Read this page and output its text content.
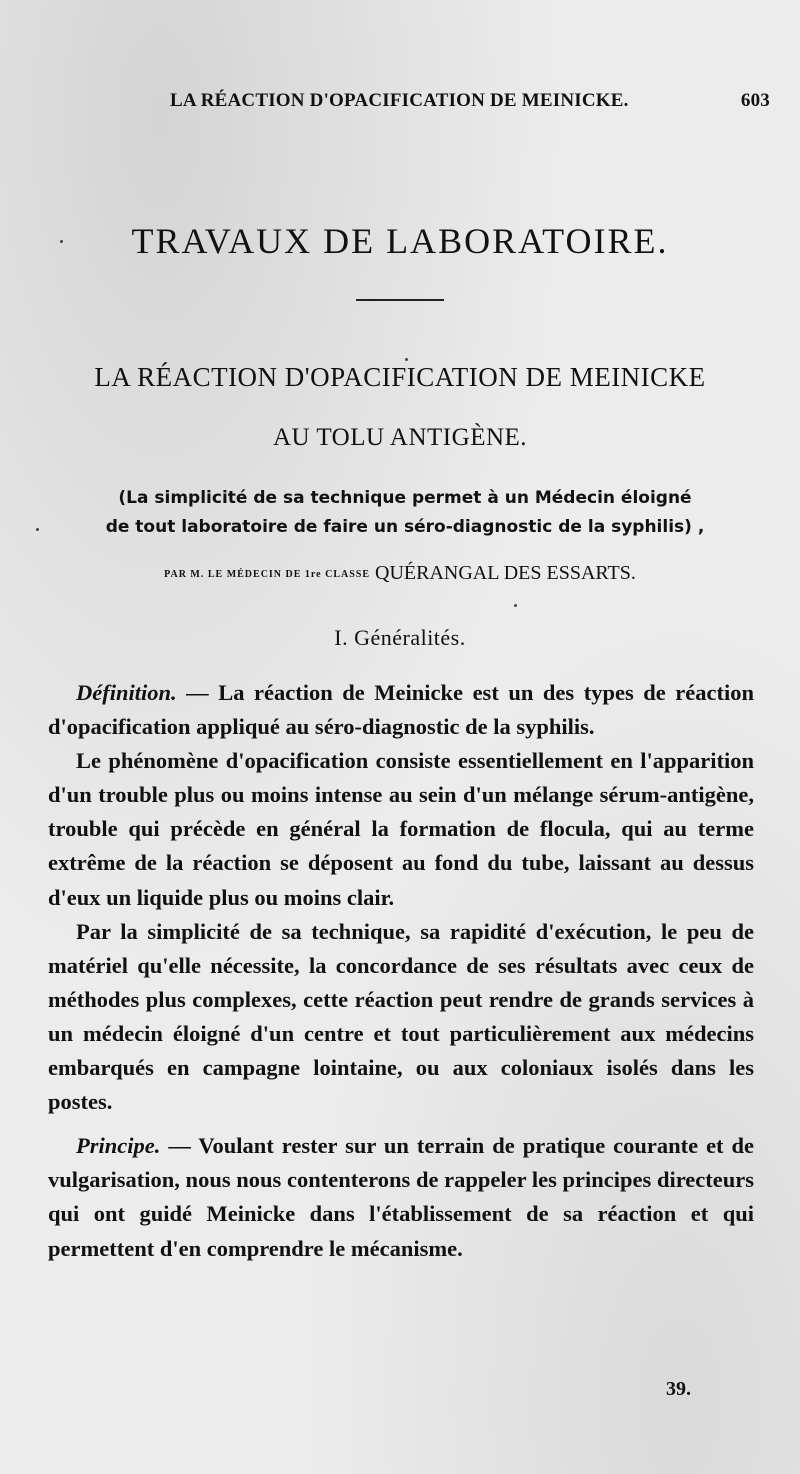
LA RÉACTION D'OPACIFICATION DE MEINICKE.	603
TRAVAUX DE LABORATOIRE.
LA RÉACTION D'OPACIFICATION DE MEINICKE
AU TOLU ANTIGÈNE.
(La simplicité de sa technique permet à un Médecin éloigné
de tout laboratoire de faire un séro-diagnostic de la syphilis) ,
PAR M. LE MÉDECIN DE 1re CLASSE QUÉRANGAL DES ESSARTS.
I. Généralités.

Définition. — La réaction de Meinicke est un des types de réaction d'opacification appliqué au séro-diagnostic de la syphilis.

Le phénomène d'opacification consiste essentiellement en l'apparition d'un trouble plus ou moins intense au sein d'un mélange sérum-antigène, trouble qui précède en général la formation de flocula, qui au terme extrême de la réaction se déposent au fond du tube, laissant au dessus d'eux un liquide plus ou moins clair.

Par la simplicité de sa technique, sa rapidité d'exécution, le peu de matériel qu'elle nécessite, la concordance de ses résultats avec ceux de méthodes plus complexes, cette réaction peut rendre de grands services à un médecin éloigné d'un centre et tout particulièrement aux médecins embarqués en campagne lointaine, ou aux coloniaux isolés dans les postes.

Principe. — Voulant rester sur un terrain de pratique courante et de vulgarisation, nous nous contenterons de rappeler les principes directeurs qui ont guidé Meinicke dans l'établissement de sa réaction et qui permettent d'en comprendre le mécanisme.

39.
